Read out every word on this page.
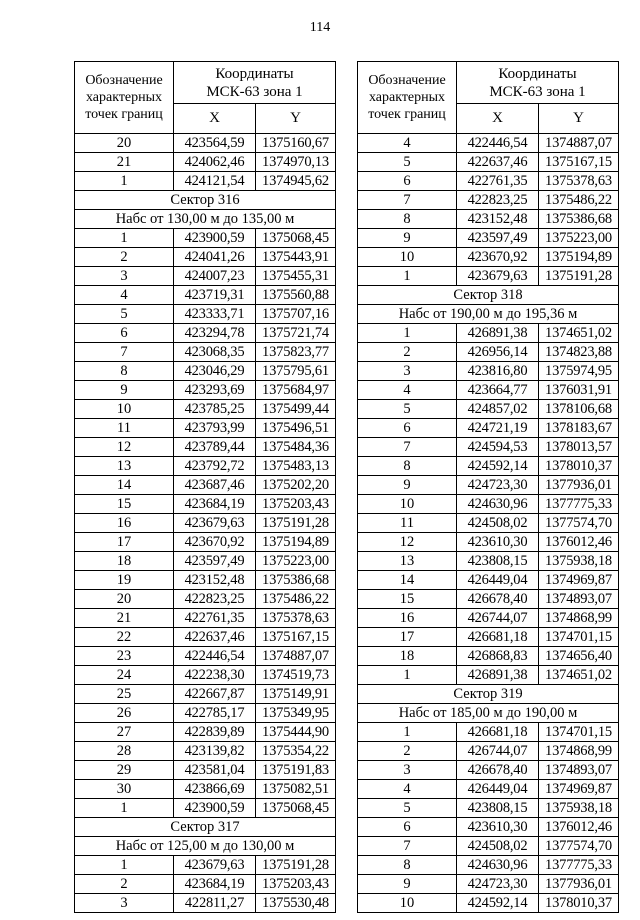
114
Обозначение характерных точек границ	Координаты
МСК-63 зона 1	
	X	Y
20	423564,59	1375160,67
21	424062,46	1374970,13
1	424121,54	1374945,62
Сектор 316		
Набс от 130,00 м до 135,00 м		
1	423900,59	1375068,45
2	424041,26	1375443,91
3	424007,23	1375455,31
4	423719,31	1375560,88
5	423333,71	1375707,16
6	423294,78	1375721,74
7	423068,35	1375823,77
8	423046,29	1375795,61
9	423293,69	1375684,97
10	423785,25	1375499,44
11	423793,99	1375496,51
12	423789,44	1375484,36
13	423792,72	1375483,13
14	423687,46	1375202,20
15	423684,19	1375203,43
16	423679,63	1375191,28
17	423670,92	1375194,89
18	423597,49	1375223,00
19	423152,48	1375386,68
20	422823,25	1375486,22
21	422761,35	1375378,63
22	422637,46	1375167,15
23	422446,54	1374887,07
24	422238,30	1374519,73
25	422667,87	1375149,91
26	422785,17	1375349,95
27	422839,89	1375444,90
28	423139,82	1375354,22
29	423581,04	1375191,83
30	423866,69	1375082,51
1	423900,59	1375068,45
Сектор 317		
Набс от 125,00 м до 130,00 м		
1	423679,63	1375191,28
2	423684,19	1375203,43
3	422811,27	1375530,48
Обозначение характерных точек границ	Координаты
МСК-63 зона 1	
	X	Y
4	422446,54	1374887,07
5	422637,46	1375167,15
6	422761,35	1375378,63
7	422823,25	1375486,22
8	423152,48	1375386,68
9	423597,49	1375223,00
10	423670,92	1375194,89
1	423679,63	1375191,28
Сектор 318		
Набс от 190,00 м до 195,36 м		
1	426891,38	1374651,02
2	426956,14	1374823,88
3	423816,80	1375974,95
4	423664,77	1376031,91
5	424857,02	1378106,68
6	424721,19	1378183,67
7	424594,53	1378013,57
8	424592,14	1378010,37
9	424723,30	1377936,01
10	424630,96	1377775,33
11	424508,02	1377574,70
12	423610,30	1376012,46
13	423808,15	1375938,18
14	426449,04	1374969,87
15	426678,40	1374893,07
16	426744,07	1374868,99
17	426681,18	1374701,15
18	426868,83	1374656,40
1	426891,38	1374651,02
Сектор 319		
Набс от 185,00 м до 190,00 м		
1	426681,18	1374701,15
2	426744,07	1374868,99
3	426678,40	1374893,07
4	426449,04	1374969,87
5	423808,15	1375938,18
6	423610,30	1376012,46
7	424508,02	1377574,70
8	424630,96	1377775,33
9	424723,30	1377936,01
10	424592,14	1378010,37
